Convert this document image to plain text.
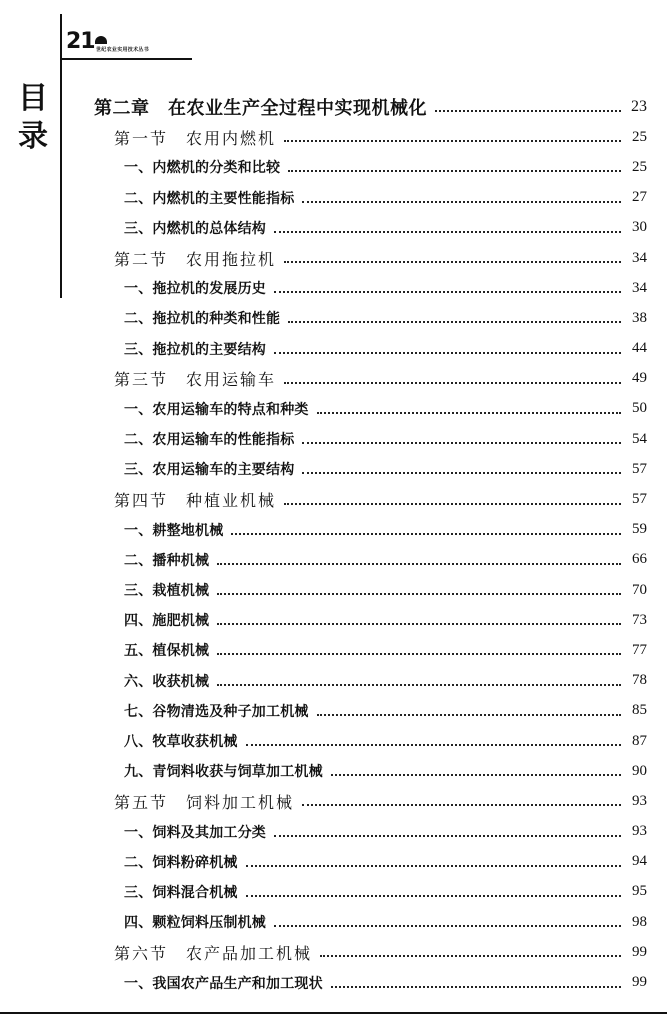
21 世纪农业实用技术丛书
目
录
第二章　在农业生产全过程中实现机械化	23
第一节　农用内燃机	25
一、内燃机的分类和比较	25
二、内燃机的主要性能指标	27
三、内燃机的总体结构	30
第二节　农用拖拉机	34
一、拖拉机的发展历史	34
二、拖拉机的种类和性能	38
三、拖拉机的主要结构	44
第三节　农用运输车	49
一、农用运输车的特点和种类	50
二、农用运输车的性能指标	54
三、农用运输车的主要结构	57
第四节　种植业机械	57
一、耕整地机械	59
二、播种机械	66
三、栽植机械	70
四、施肥机械	73
五、植保机械	77
六、收获机械	78
七、谷物清选及种子加工机械	85
八、牧草收获机械	87
九、青饲料收获与饲草加工机械	90
第五节　饲料加工机械	93
一、饲料及其加工分类	93
二、饲料粉碎机械	94
三、饲料混合机械	95
四、颗粒饲料压制机械	98
第六节　农产品加工机械	99
一、我国农产品生产和加工现状	99
